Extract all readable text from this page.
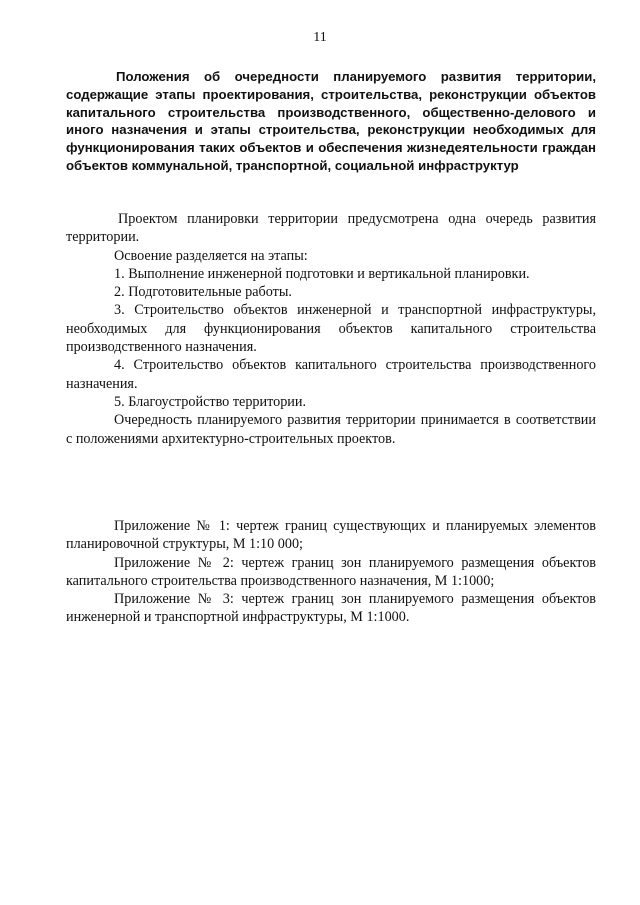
11
Положения об очередности планируемого развития территории, содержащие этапы проектирования, строительства, реконструкции объектов капитального строительства производственного, общественно-делового и иного назначения и этапы строительства, реконструкции необходимых для функционирования таких объектов и обеспечения жизнедеятельности граждан объектов коммунальной, транспортной, социальной инфраструктур

Проектом планировки территории предусмотрена одна очередь развития территории.

Освоение разделяется на этапы:

1. Выполнение инженерной подготовки и вертикальной планировки.

2. Подготовительные работы.

3. Строительство объектов инженерной и транспортной инфраструктуры, необходимых для функционирования объектов капитального строительства производственного назначения.

4. Строительство объектов капитального строительства производственного назначения.

5. Благоустройство территории.

Очередность планируемого развития территории принимается в соответствии с положениями архитектурно-строительных проектов.

Приложение № 1: чертеж границ существующих и планируемых элементов планировочной структуры, М 1:10 000;

Приложение № 2: чертеж границ зон планируемого размещения объектов капитального строительства производственного назначения, М 1:1000;

Приложение № 3: чертеж границ зон планируемого размещения объектов инженерной и транспортной инфраструктуры, М 1:1000.
